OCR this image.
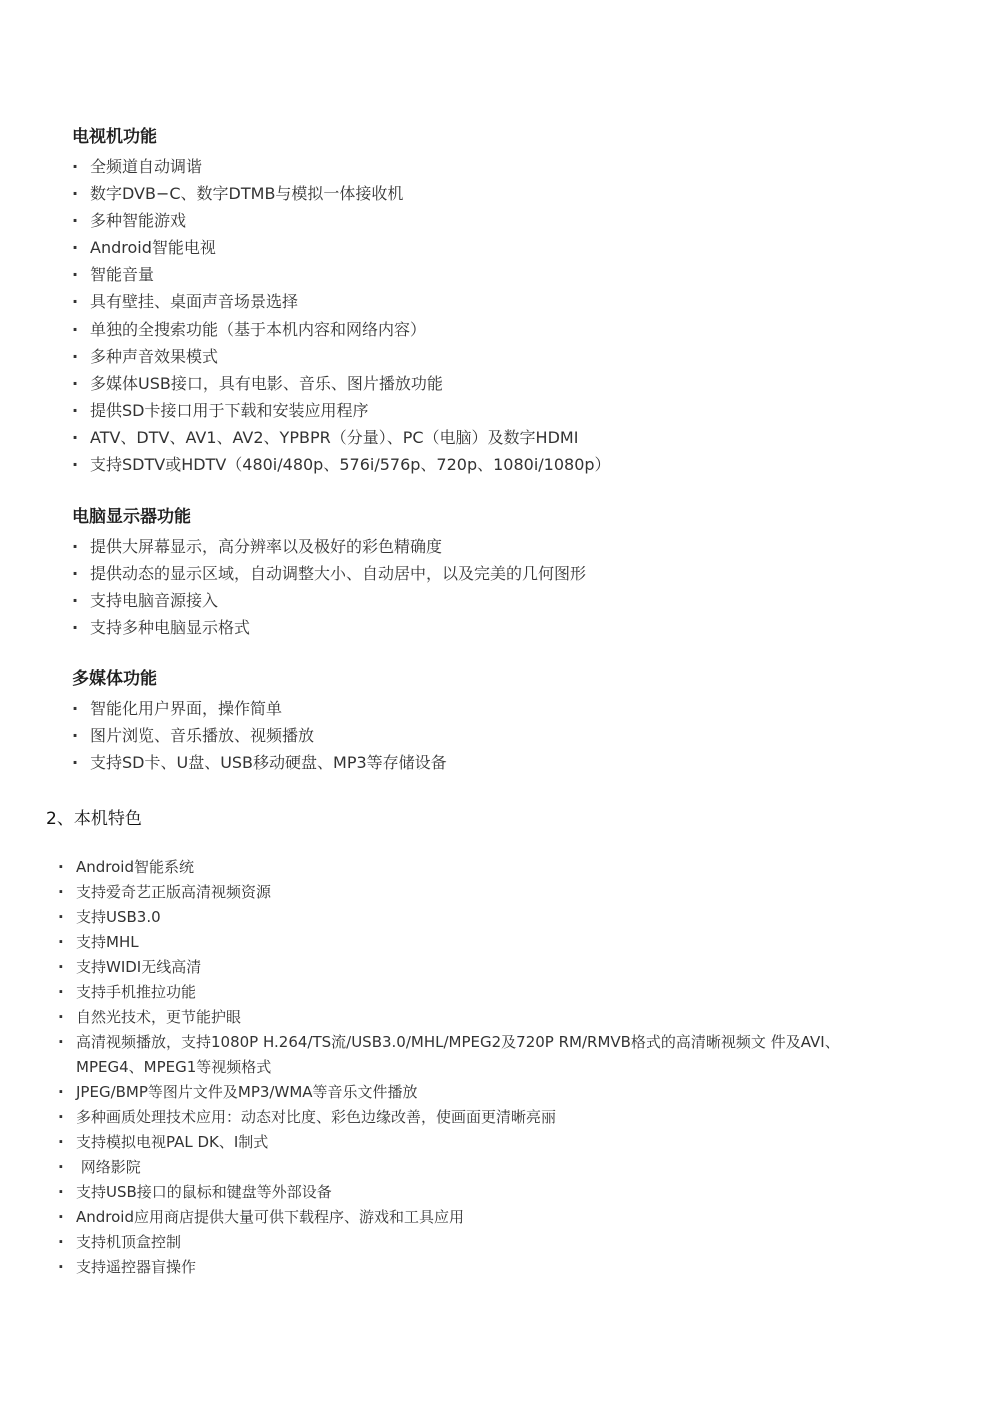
电视机功能
· 全频道自动调谐
· 数字DVB−C、数字DTMB与模拟一体接收机
· 多种智能游戏
· Android智能电视
· 智能音量
· 具有壁挂、桌面声音场景选择
· 单独的全搜索功能（基于本机内容和网络内容）
· 多种声音效果模式
· 多媒体USB接口，具有电影、音乐、图片播放功能
· 提供SD卡接口用于下载和安装应用程序
· ATV、DTV、AV1、AV2、YPBPR（分量）、PC（电脑）及数字HDMI
· 支持SDTV或HDTV（480i/480p、576i/576p、720p、1080i/1080p）
电脑显示器功能
· 提供大屏幕显示，高分辨率以及极好的彩色精确度
· 提供动态的显示区域，自动调整大小、自动居中，以及完美的几何图形
· 支持电脑音源接入
· 支持多种电脑显示格式
多媒体功能
· 智能化用户界面，操作简单
· 图片浏览、音乐播放、视频播放
· 支持SD卡、U盘、USB移动硬盘、MP3等存储设备
2、本机特色
· Android智能系统
· 支持爱奇艺正版高清视频资源
· 支持USB3.0
· 支持MHL
· 支持WIDI无线高清
· 支持手机推拉功能
· 自然光技术，更节能护眼
· 高清视频播放，支持1080P H.264/TS流/USB3.0/MHL/MPEG2及720P RM/RMVB格式的高清晰视频文 件及AVI、MPEG4、MPEG1等视频格式
· JPEG/BMP等图片文件及MP3/WMA等音乐文件播放
· 多种画质处理技术应用：动态对比度、彩色边缘改善，使画面更清晰亮丽
· 支持模拟电视PAL DK、I制式
· 网络影院
· 支持USB接口的鼠标和键盘等外部设备
· Android应用商店提供大量可供下载程序、游戏和工具应用
· 支持机顶盒控制
· 支持遥控器盲操作
